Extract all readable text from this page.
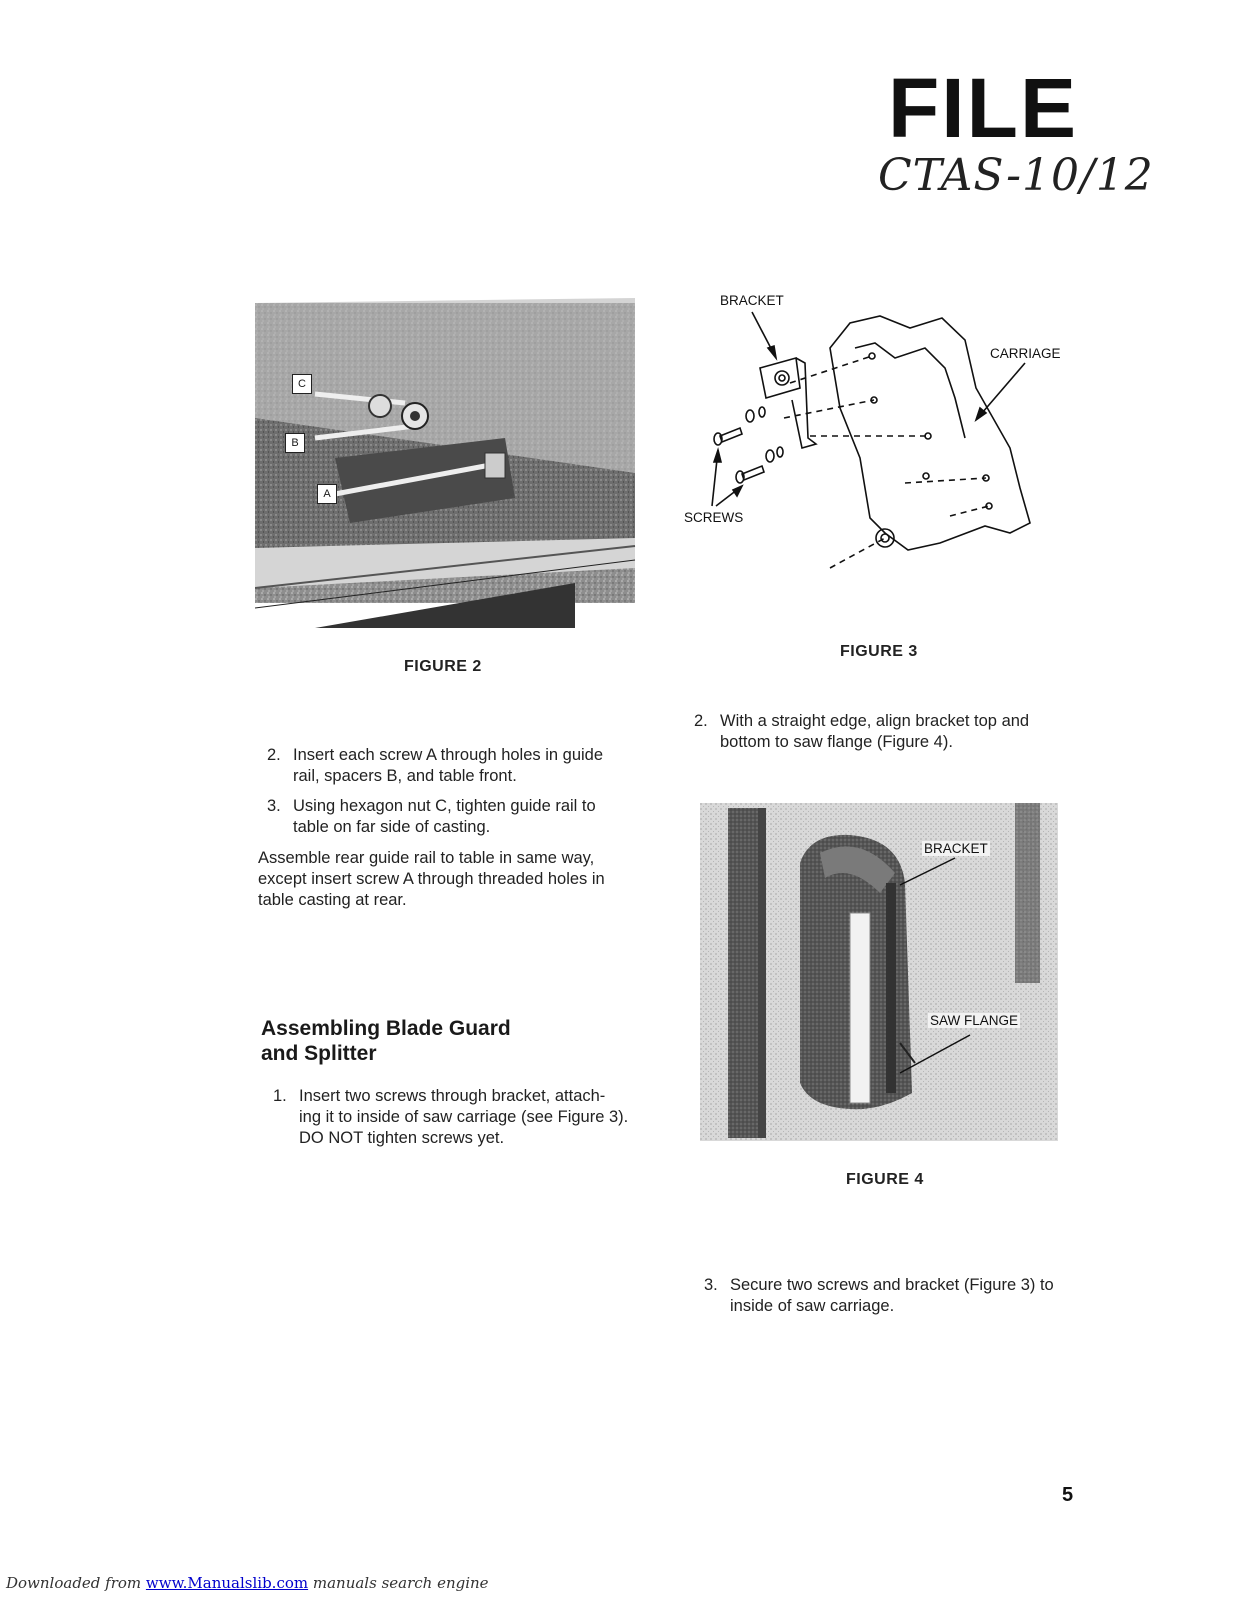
FILE
CTAS-10/12
C
B
A
FIGURE 2
BRACKET
CARRIAGE
SCREWS
FIGURE 3
2. With a straight edge, align bracket top and
bottom to saw flange (Figure 4).
2. Insert each screw A through holes in guide
rail, spacers B, and table front.
3. Using hexagon nut C, tighten guide rail to
table on far side of casting.
Assemble rear guide rail to table in same way,
except insert screw A through threaded holes in
table casting at rear.
BRACKET
SAW FLANGE
Assembling Blade Guard
and Splitter
1. Insert two screws through bracket, attach-
ing it to inside of saw carriage (see Figure 3).
DO NOT tighten screws yet.
FIGURE 4
3. Secure two screws and bracket (Figure 3) to
inside of saw carriage.
5
Downloaded from www.Manualslib.com manuals search engine
